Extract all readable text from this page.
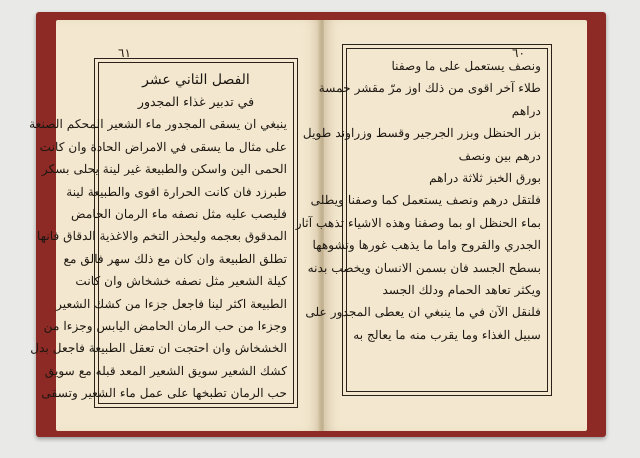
٦١
الفصل الثاني عشر
في تدبير غذاء المجدور
ينبغي ان يسقى المجدور ماء الشعير المحكم الصنعة
على مثال ما يسقى في الامراض الحادة وان كانت
الحمى الين واسكن والطبيعة غير لينة يحلى بسكر
طبرزد فان كانت الحرارة اقوى والطبيعة لينة
فليصب عليه مثل نصفه ماء الرمان الحامض
المدقوق بعجمه وليحذر التخم والاغذية الدقاق فانها
تطلق الطبيعة وان كان مع ذلك سهر فالق مع
كيلة الشعير مثل نصفه خشخاش وان كانت
الطبيعة اكثر لينا فاجعل جزءا من كشك الشعير
وجزءا من حب الرمان الحامض اليابس وجزءا من
الخشخاش وان احتجت ان تعقل الطبيعة فاجعل بدل
كشك الشعير سويق الشعير المعد قبله مع سويق
حب الرمان تطبخها على عمل ماء الشعير وتسقى
٦٠
ونصف يستعمل على ما وصفنا
طلاء آخر اقوى من ذلك اوز مرّ مقشر خمسة
دراهم
بزر الحنظل وبزر الجرجير وقسط وزراوند طويل
درهم بين ونصف
بورق الخبز ثلاثة دراهم
فلتقل درهم ونصف يستعمل كما وصفنا ويطلى
بماء الحنظل او بما وصفنا وهذه الاشياء تذهب آثار
الجدري والقروح واما ما يذهب غورها وتشوهها
بسطح الجسد فان بسمن الانسان ويخصب بدنه
ويكثر تعاهد الحمام ودلك الجسد
فلنقل الآن في ما ينبغي ان يعطى المجدور على
سبيل الغذاء وما يقرب منه ما يعالج به
